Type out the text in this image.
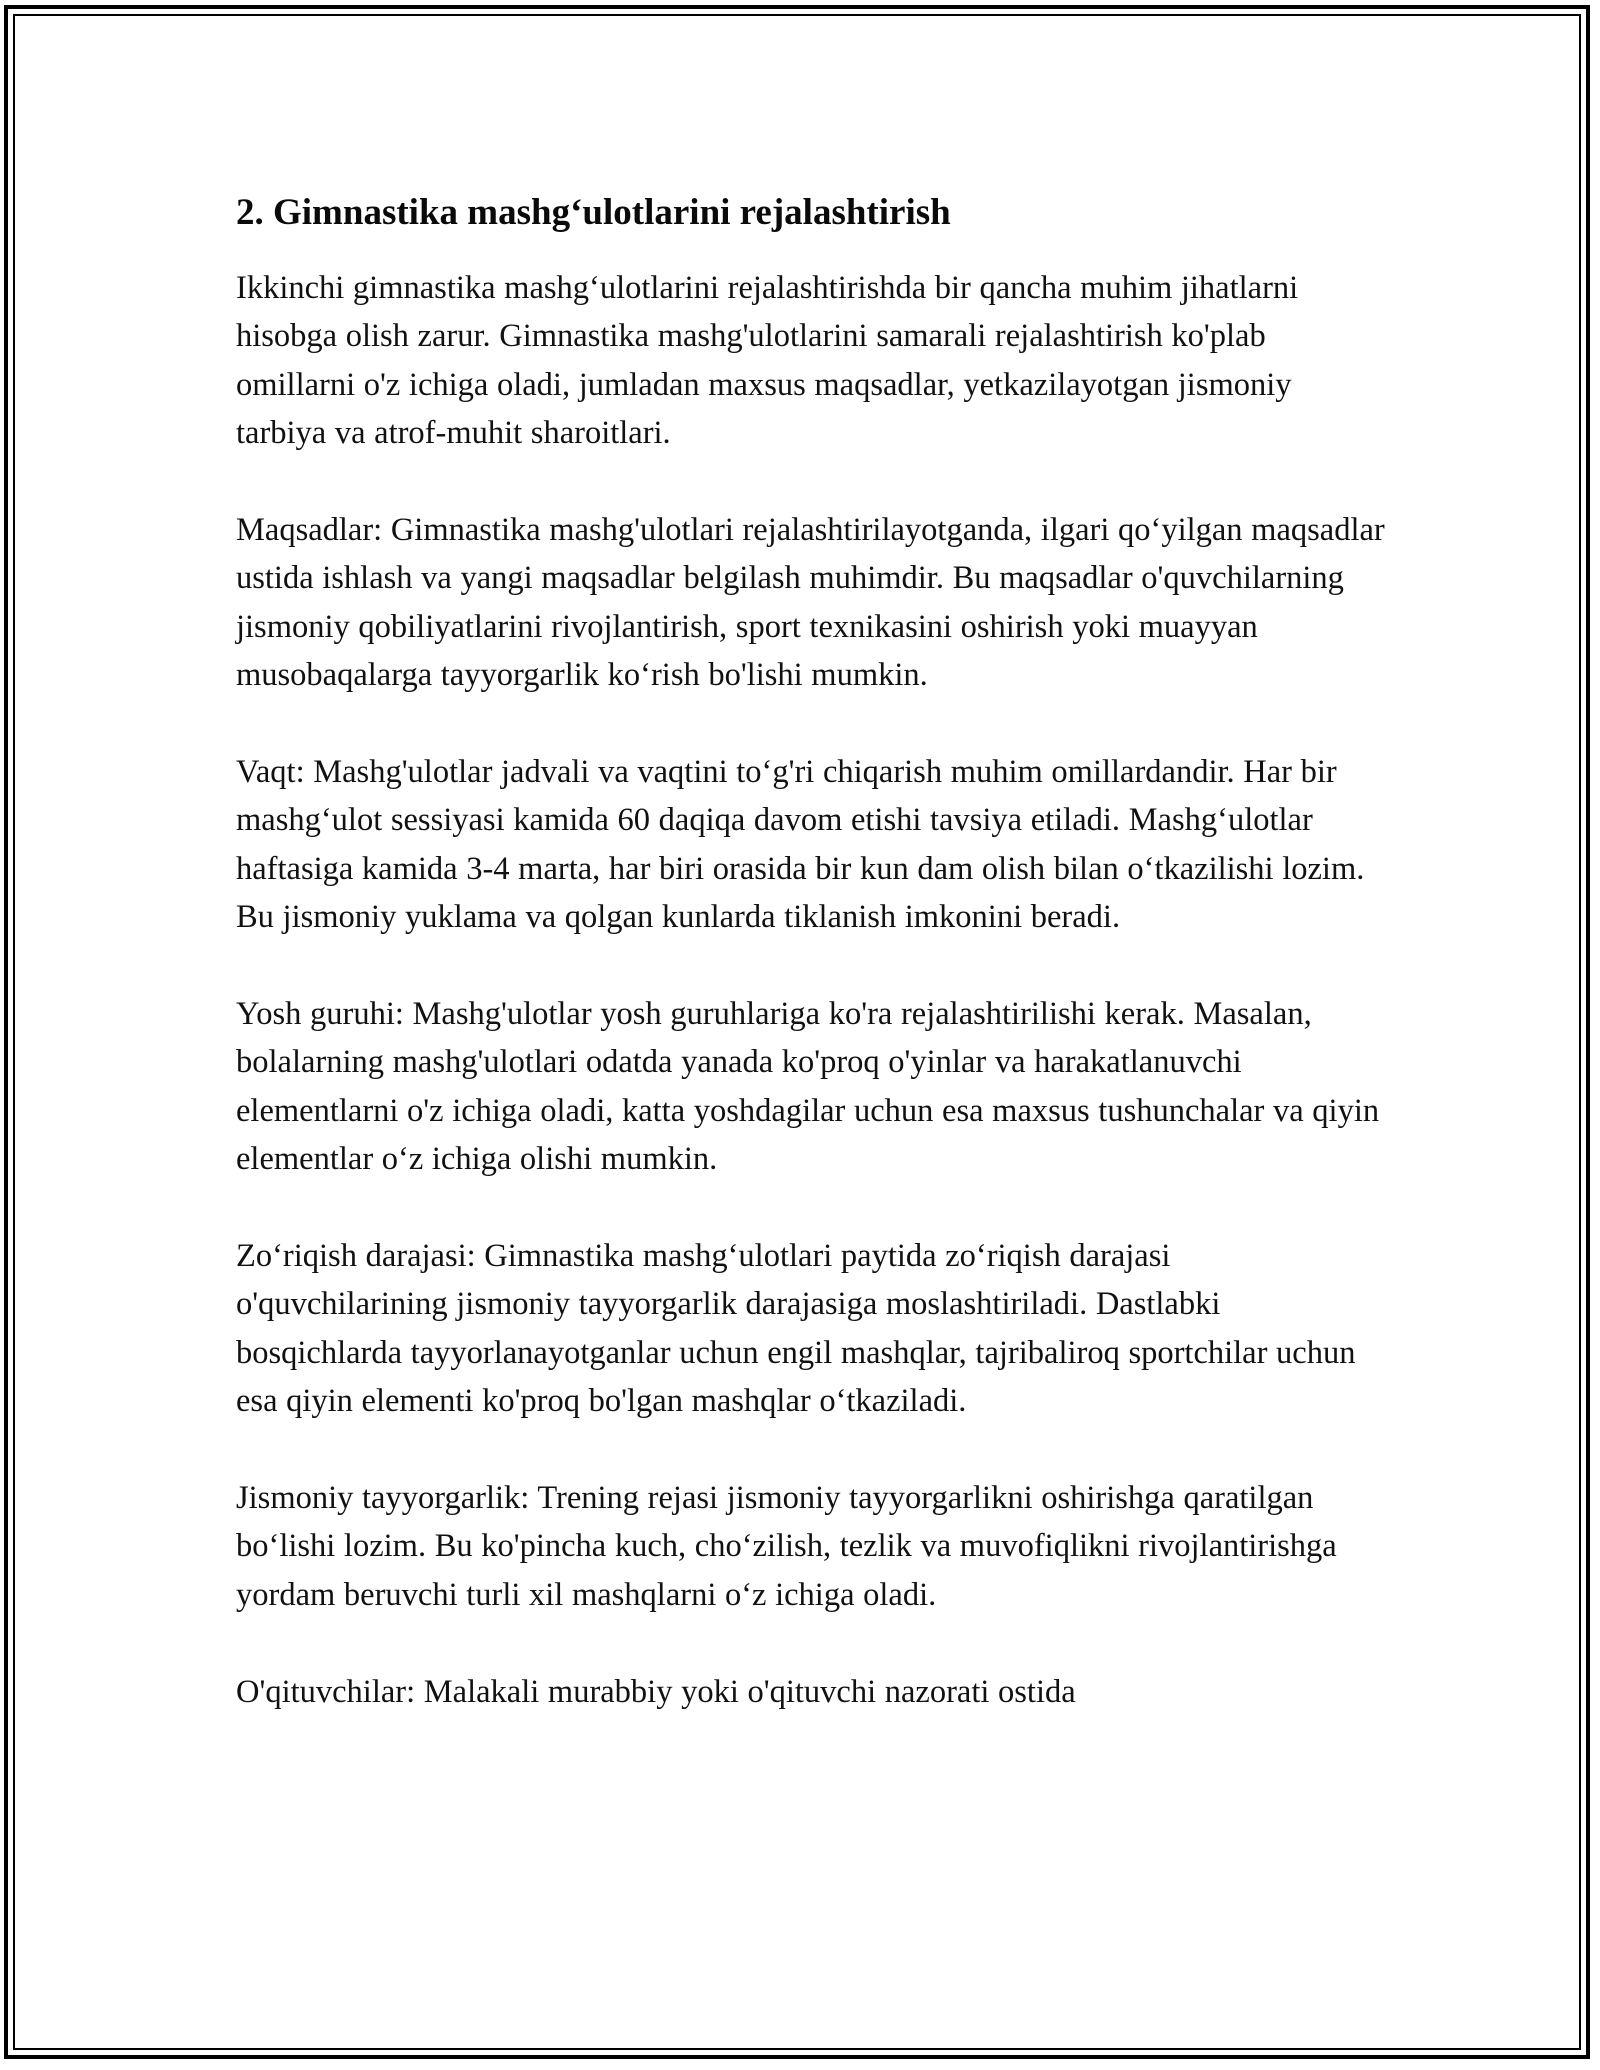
2. Gimnastika mashg‘ulotlarini rejalashtirish

Ikkinchi gimnastika mashg‘ulotlarini rejalashtirishda bir qancha muhim jihatlarni hisobga olish zarur. Gimnastika mashg'ulotlarini samarali rejalashtirish ko'plab omillarni o'z ichiga oladi, jumladan maxsus maqsadlar, yetkazilayotgan jismoniy tarbiya va atrof-muhit sharoitlari.

Maqsadlar: Gimnastika mashg'ulotlari rejalashtirilayotganda, ilgari qo‘yilgan maqsadlar ustida ishlash va yangi maqsadlar belgilash muhimdir. Bu maqsadlar o'quvchilarning jismoniy qobiliyatlarini rivojlantirish, sport texnikasini oshirish yoki muayyan musobaqalarga tayyorgarlik ko‘rish bo'lishi mumkin.

Vaqt: Mashg'ulotlar jadvali va vaqtini to‘g'ri chiqarish muhim omillardandir. Har bir mashg‘ulot sessiyasi kamida 60 daqiqa davom etishi tavsiya etiladi. Mashg‘ulotlar haftasiga kamida 3-4 marta, har biri orasida bir kun dam olish bilan o‘tkazilishi lozim. Bu jismoniy yuklama va qolgan kunlarda tiklanish imkonini beradi.

Yosh guruhi: Mashg'ulotlar yosh guruhlariga ko'ra rejalashtirilishi kerak. Masalan, bolalarning mashg'ulotlari odatda yanada ko'proq o'yinlar va harakatlanuvchi elementlarni o'z ichiga oladi, katta yoshdagilar uchun esa maxsus tushunchalar va qiyin elementlar o‘z ichiga olishi mumkin.

Zo‘riqish darajasi: Gimnastika mashg‘ulotlari paytida zo‘riqish darajasi o'quvchilarining jismoniy tayyorgarlik darajasiga moslashtiriladi. Dastlabki bosqichlarda tayyorlanayotganlar uchun engil mashqlar, tajribaliroq sportchilar uchun esa qiyin elementi ko'proq bo'lgan mashqlar o‘tkaziladi.

Jismoniy tayyorgarlik: Trening rejasi jismoniy tayyorgarlikni oshirishga qaratilgan bo‘lishi lozim. Bu ko'pincha kuch, cho‘zilish, tezlik va muvofiqlikni rivojlantirishga yordam beruvchi turli xil mashqlarni o‘z ichiga oladi.

O'qituvchilar: Malakali murabbiy yoki o'qituvchi nazorati ostida
